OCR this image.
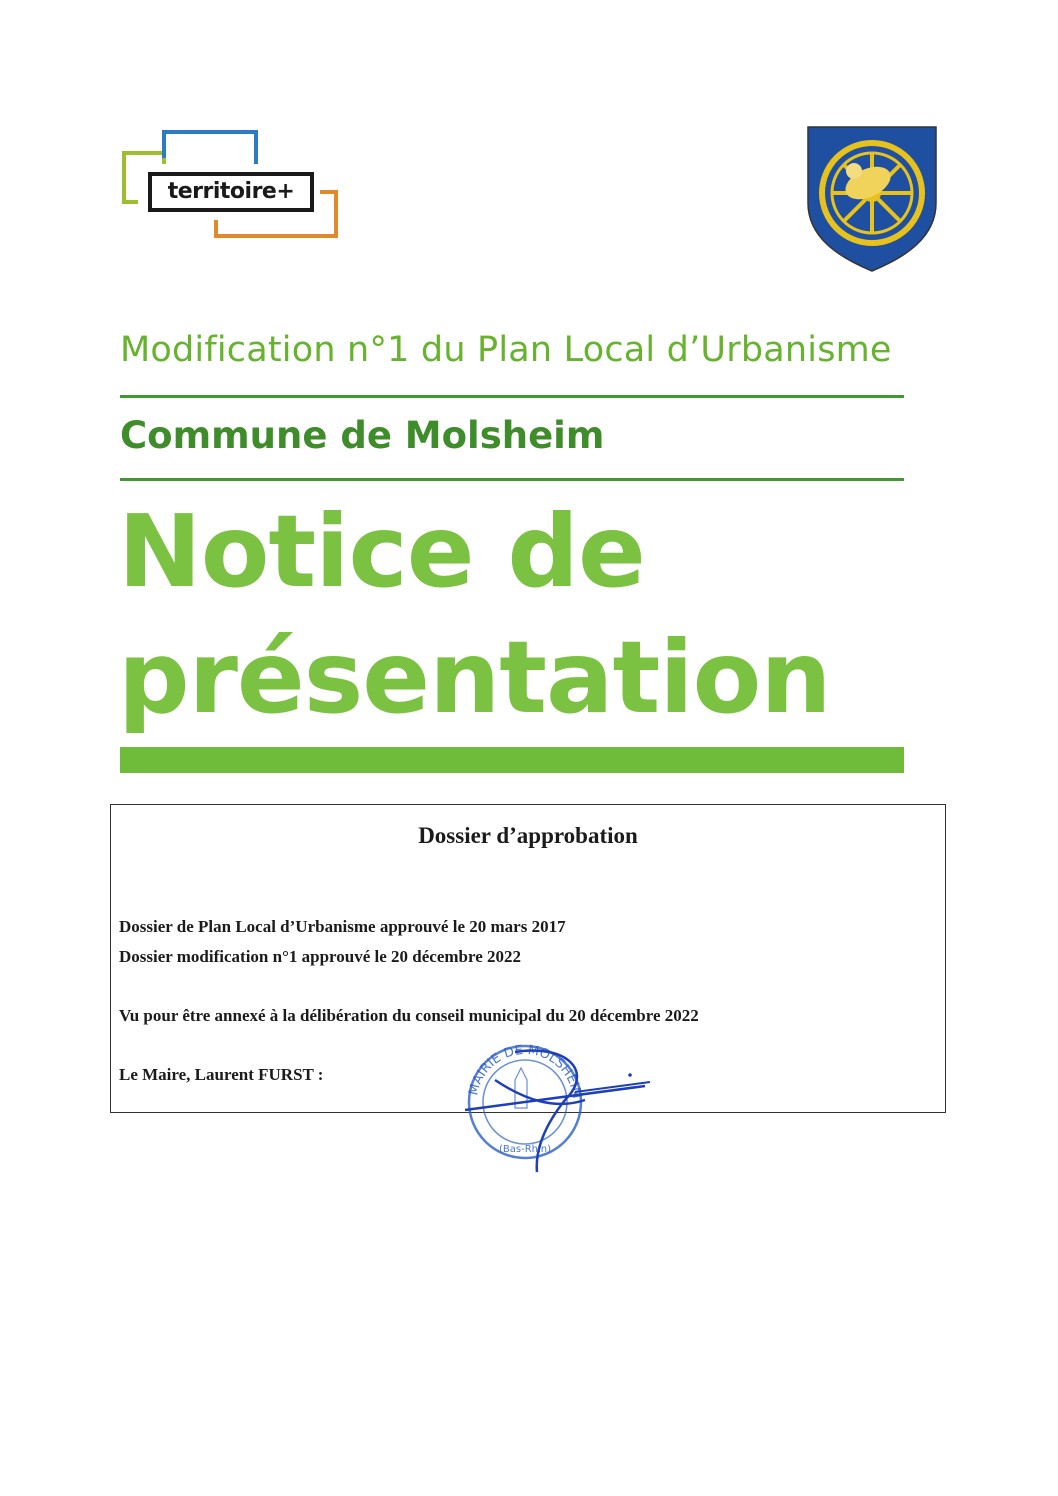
territoire+
Modification n°1 du Plan Local d’Urbanisme
Commune de Molsheim
Notice de
présentation
Dossier d’approbation
Dossier de Plan Local d’Urbanisme approuvé le 20 mars 2017
Dossier modification n°1 approuvé le 20 décembre 2022
Vu pour être annexé à la délibération du conseil municipal du 20 décembre 2022
Le Maire, Laurent FURST :
MAIRIE DE MOLSHEIM
(Bas-Rhin)
